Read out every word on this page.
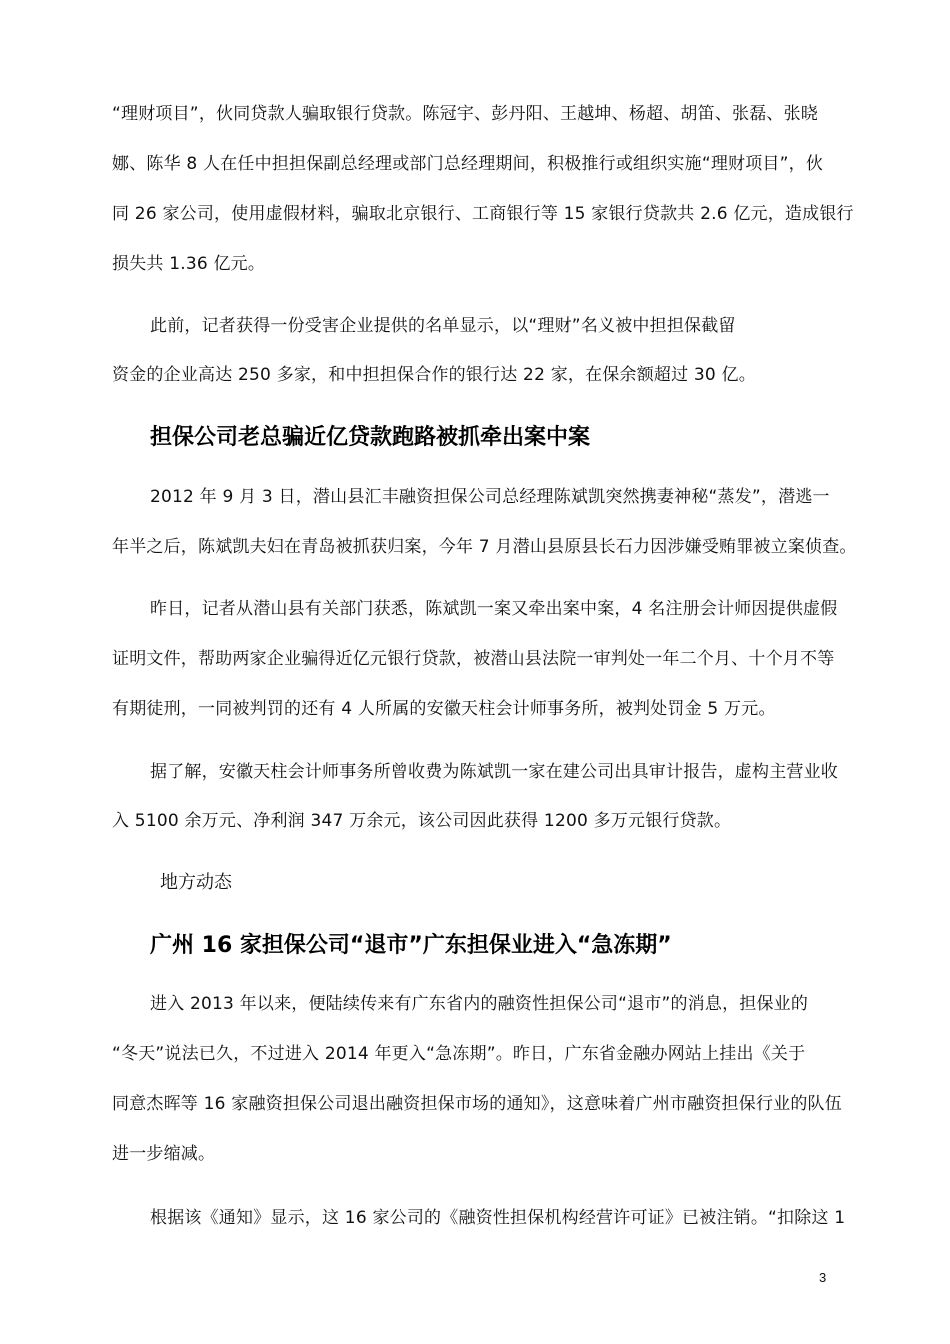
“理财项目”，伙同贷款人骗取银行贷款。陈冠宇、彭丹阳、王越坤、杨超、胡笛、张磊、张晓
娜、陈华 8 人在任中担担保副总经理或部门总经理期间，积极推行或组织实施“理财项目”，伙
同 26 家公司，使用虚假材料，骗取北京银行、工商银行等 15 家银行贷款共 2.6 亿元，造成银行
损失共 1.36 亿元。
此前，记者获得一份受害企业提供的名单显示，以“理财”名义被中担担保截留
资金的企业高达 250 多家，和中担担保合作的银行达 22 家，在保余额超过 30 亿。
担保公司老总骗近亿贷款跑路被抓牵出案中案
2012 年 9 月 3 日，潜山县汇丰融资担保公司总经理陈斌凯突然携妻神秘“蒸发”，潜逃一
年半之后，陈斌凯夫妇在青岛被抓获归案，今年 7 月潜山县原县长石力因涉嫌受贿罪被立案侦查。
昨日，记者从潜山县有关部门获悉，陈斌凯一案又牵出案中案，4 名注册会计师因提供虚假
证明文件，帮助两家企业骗得近亿元银行贷款，被潜山县法院一审判处一年二个月、十个月不等
有期徒刑，一同被判罚的还有 4 人所属的安徽天柱会计师事务所，被判处罚金 5 万元。
据了解，安徽天柱会计师事务所曾收费为陈斌凯一家在建公司出具审计报告，虚构主营业收
入 5100 余万元、净利润 347 万余元，该公司因此获得 1200 多万元银行贷款。
地方动态
广州 16 家担保公司“退市”广东担保业进入“急冻期”
进入 2013 年以来，便陆续传来有广东省内的融资性担保公司“退市”的消息，担保业的
“冬天”说法已久，不过进入 2014 年更入“急冻期”。昨日，广东省金融办网站上挂出《关于
同意杰晖等 16 家融资担保公司退出融资担保市场的通知》，这意味着广州市融资担保行业的队伍
进一步缩减。
根据该《通知》显示，这 16 家公司的《融资性担保机构经营许可证》已被注销。“扣除这 1
3
